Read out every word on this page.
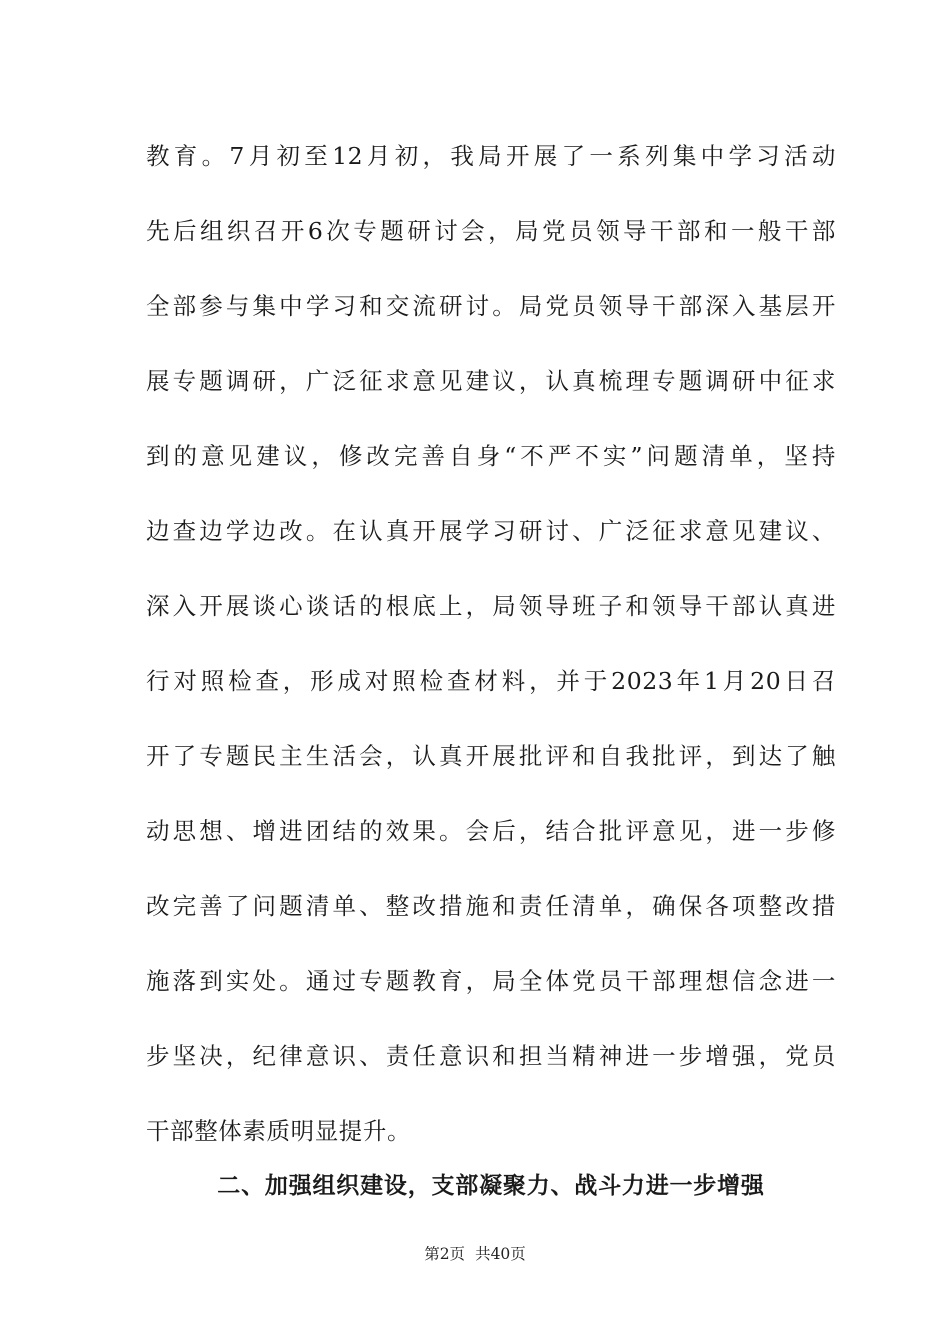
教育。7月初至12月初，我局开展了一系列集中学习活动
先后组织召开6次专题研讨会，局党员领导干部和一般干部
全部参与集中学习和交流研讨。局党员领导干部深入基层开
展专题调研，广泛征求意见建议，认真梳理专题调研中征求
到的意见建议，修改完善自身“不严不实”问题清单，坚持
边查边学边改。在认真开展学习研讨、广泛征求意见建议、
深入开展谈心谈话的根底上，局领导班子和领导干部认真进
行对照检查，形成对照检查材料，并于2023年1月20日召
开了专题民主生活会，认真开展批评和自我批评，到达了触
动思想、增进团结的效果。会后，结合批评意见，进一步修
改完善了问题清单、整改措施和责任清单，确保各项整改措
施落到实处。通过专题教育，局全体党员干部理想信念进一
步坚决，纪律意识、责任意识和担当精神进一步增强，党员
干部整体素质明显提升。
二、加强组织建设，支部凝聚力、战斗力进一步增强
第2页 共40页
